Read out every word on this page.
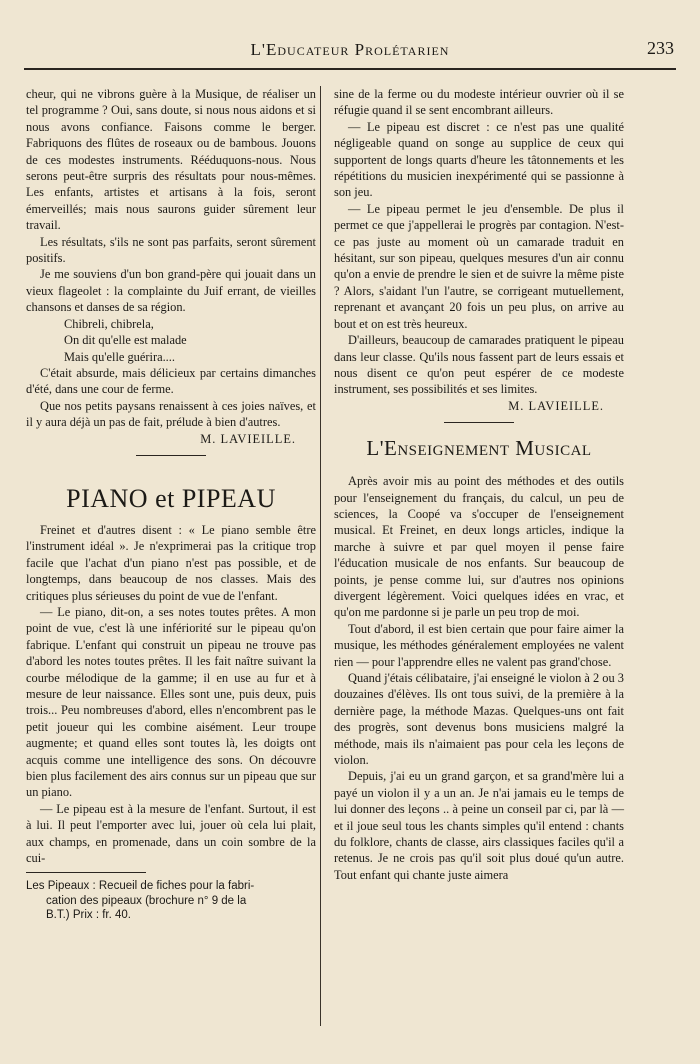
L'Educateur Prolétarien	233

cheur, qui ne vibrons guère à la Musique, de réaliser un tel programme ? Oui, sans doute, si nous nous aidons et si nous avons confiance. Faisons comme le berger. Fabriquons des flûtes de roseaux ou de bambous. Jouons de ces modestes instruments. Rééduquons-nous. Nous serons peut-être surpris des résultats pour nous-mêmes. Les enfants, artistes et artisans à la fois, seront émerveillés; mais nous saurons guider sûrement leur travail.

Les résultats, s'ils ne sont pas parfaits, seront sûrement positifs.

Je me souviens d'un bon grand-père qui jouait dans un vieux flageolet : la complainte du Juif errant, de vieilles chansons et danses de sa région.

Chibreli, chibrela,
On dit qu'elle est malade
Mais qu'elle guérira....

C'était absurde, mais délicieux par certains dimanches d'été, dans une cour de ferme.

Que nos petits paysans renaissent à ces joies naïves, et il y aura déjà un pas de fait, prélude à bien d'autres.

M. LAVIEILLE.
PIANO et PIPEAU

Freinet et d'autres disent : « Le piano semble être l'instrument idéal ». Je n'exprimerai pas la critique trop facile que l'achat d'un piano n'est pas possible, et de longtemps, dans beaucoup de nos classes. Mais des critiques plus sérieuses du point de vue de l'enfant.

— Le piano, dit-on, a ses notes toutes prêtes. A mon point de vue, c'est là une infériorité sur le pipeau qu'on fabrique. L'enfant qui construit un pipeau ne trouve pas d'abord les notes toutes prêtes. Il les fait naître suivant la courbe mélodique de la gamme; il en use au fur et à mesure de leur naissance. Elles sont une, puis deux, puis trois... Peu nombreuses d'abord, elles n'encombrent pas le petit joueur qui les combine aisément. Leur troupe augmente; et quand elles sont toutes là, les doigts ont acquis comme une intelligence des sons. On découvre bien plus facilement des airs connus sur un pipeau que sur un piano.

— Le pipeau est à la mesure de l'enfant. Surtout, il est à lui. Il peut l'emporter avec lui, jouer où cela lui plait, aux champs, en promenade, dans un coin sombre de la cui-

Les Pipeaux : Recueil de fiches pour la fabri-
cation des pipeaux (brochure n° 9 de la
B.T.) Prix : fr. 40.

sine de la ferme ou du modeste intérieur ouvrier où il se réfugie quand il se sent encombrant ailleurs.

— Le pipeau est discret : ce n'est pas une qualité négligeable quand on songe au supplice de ceux qui supportent de longs quarts d'heure les tâtonnements et les répétitions du musicien inexpérimenté qui se passionne à son jeu.

— Le pipeau permet le jeu d'ensemble. De plus il permet ce que j'appellerai le progrès par contagion. N'est-ce pas juste au moment où un camarade traduit en hésitant, sur son pipeau, quelques mesures d'un air connu qu'on a envie de prendre le sien et de suivre la même piste ? Alors, s'aidant l'un l'autre, se corrigeant mutuellement, reprenant et avançant 20 fois un peu plus, on arrive au bout et on est très heureux.

D'ailleurs, beaucoup de camarades pratiquent le pipeau dans leur classe. Qu'ils nous fassent part de leurs essais et nous disent ce qu'on peut espérer de ce modeste instrument, ses possibilités et ses limites.

M. LAVIEILLE.
L'Enseignement Musical

Après avoir mis au point des méthodes et des outils pour l'enseignement du français, du calcul, un peu de sciences, la Coopé va s'occuper de l'enseignement musical. Et Freinet, en deux longs articles, indique la marche à suivre et par quel moyen il pense faire l'éducation musicale de nos enfants. Sur beaucoup de points, je pense comme lui, sur d'autres nos opinions divergent légèrement. Voici quelques idées en vrac, et qu'on me pardonne si je parle un peu trop de moi.

Tout d'abord, il est bien certain que pour faire aimer la musique, les méthodes généralement employées ne valent rien — pour l'apprendre elles ne valent pas grand'chose.

Quand j'étais célibataire, j'ai enseigné le violon à 2 ou 3 douzaines d'élèves. Ils ont tous suivi, de la première à la dernière page, la méthode Mazas. Quelques-uns ont fait des progrès, sont devenus bons musiciens malgré la méthode, mais ils n'aimaient pas pour cela les leçons de violon.

Depuis, j'ai eu un grand garçon, et sa grand'mère lui a payé un violon il y a un an. Je n'ai jamais eu le temps de lui donner des leçons .. à peine un conseil par ci, par là — et il joue seul tous les chants simples qu'il entend : chants du folklore, chants de classe, airs classiques faciles qu'il a retenus. Je ne crois pas qu'il soit plus doué qu'un autre. Tout enfant qui chante juste aimera
